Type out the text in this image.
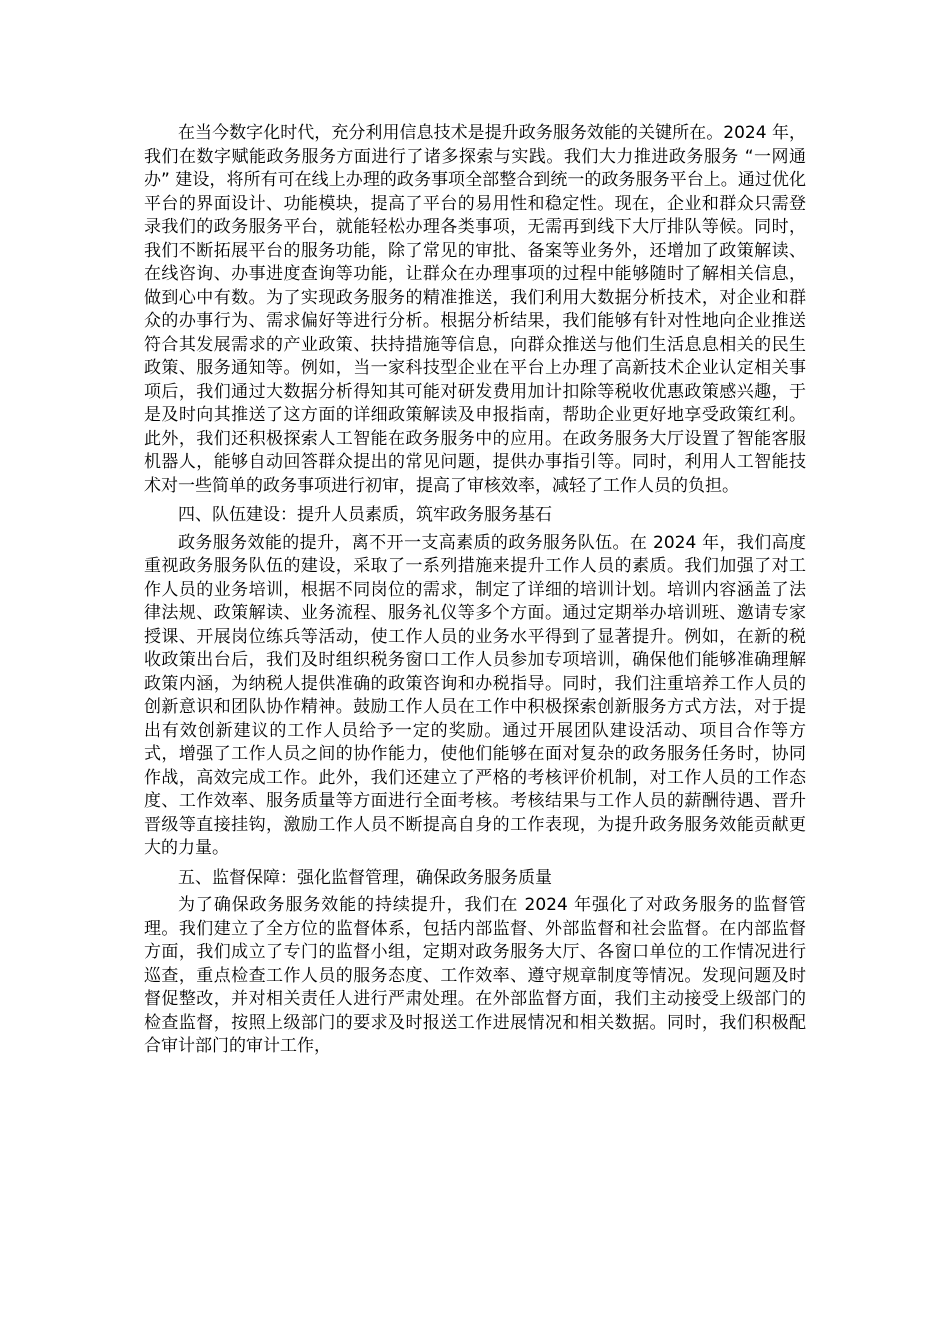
在当今数字化时代，充分利用信息技术是提升政务服务效能的关键所在。2024 年，我们在数字赋能政务服务方面进行了诸多探索与实践。我们大力推进政务服务 “一网通办” 建设，将所有可在线上办理的政务事项全部整合到统一的政务服务平台上。通过优化平台的界面设计、功能模块，提高了平台的易用性和稳定性。现在，企业和群众只需登录我们的政务服务平台，就能轻松办理各类事项，无需再到线下大厅排队等候。同时，我们不断拓展平台的服务功能，除了常见的审批、备案等业务外，还增加了政策解读、在线咨询、办事进度查询等功能，让群众在办理事项的过程中能够随时了解相关信息，做到心中有数。为了实现政务服务的精准推送，我们利用大数据分析技术，对企业和群众的办事行为、需求偏好等进行分析。根据分析结果，我们能够有针对性地向企业推送符合其发展需求的产业政策、扶持措施等信息，向群众推送与他们生活息息相关的民生政策、服务通知等。例如，当一家科技型企业在平台上办理了高新技术企业认定相关事项后，我们通过大数据分析得知其可能对研发费用加计扣除等税收优惠政策感兴趣，于是及时向其推送了这方面的详细政策解读及申报指南，帮助企业更好地享受政策红利。此外，我们还积极探索人工智能在政务服务中的应用。在政务服务大厅设置了智能客服机器人，能够自动回答群众提出的常见问题，提供办事指引等。同时，利用人工智能技术对一些简单的政务事项进行初审，提高了审核效率，减轻了工作人员的负担。

四、队伍建设：提升人员素质，筑牢政务服务基石

政务服务效能的提升，离不开一支高素质的政务服务队伍。在 2024 年，我们高度重视政务服务队伍的建设，采取了一系列措施来提升工作人员的素质。我们加强了对工作人员的业务培训，根据不同岗位的需求，制定了详细的培训计划。培训内容涵盖了法律法规、政策解读、业务流程、服务礼仪等多个方面。通过定期举办培训班、邀请专家授课、开展岗位练兵等活动，使工作人员的业务水平得到了显著提升。例如，在新的税收政策出台后，我们及时组织税务窗口工作人员参加专项培训，确保他们能够准确理解政策内涵，为纳税人提供准确的政策咨询和办税指导。同时，我们注重培养工作人员的创新意识和团队协作精神。鼓励工作人员在工作中积极探索创新服务方式方法，对于提出有效创新建议的工作人员给予一定的奖励。通过开展团队建设活动、项目合作等方式，增强了工作人员之间的协作能力，使他们能够在面对复杂的政务服务任务时，协同作战，高效完成工作。此外，我们还建立了严格的考核评价机制，对工作人员的工作态度、工作效率、服务质量等方面进行全面考核。考核结果与工作人员的薪酬待遇、晋升晋级等直接挂钩，激励工作人员不断提高自身的工作表现，为提升政务服务效能贡献更大的力量。

五、监督保障：强化监督管理，确保政务服务质量

为了确保政务服务效能的持续提升，我们在 2024 年强化了对政务服务的监督管理。我们建立了全方位的监督体系，包括内部监督、外部监督和社会监督。在内部监督方面，我们成立了专门的监督小组，定期对政务服务大厅、各窗口单位的工作情况进行巡查，重点检查工作人员的服务态度、工作效率、遵守规章制度等情况。发现问题及时督促整改，并对相关责任人进行严肃处理。在外部监督方面，我们主动接受上级部门的检查监督，按照上级部门的要求及时报送工作进展情况和相关数据。同时，我们积极配合审计部门的审计工作，
